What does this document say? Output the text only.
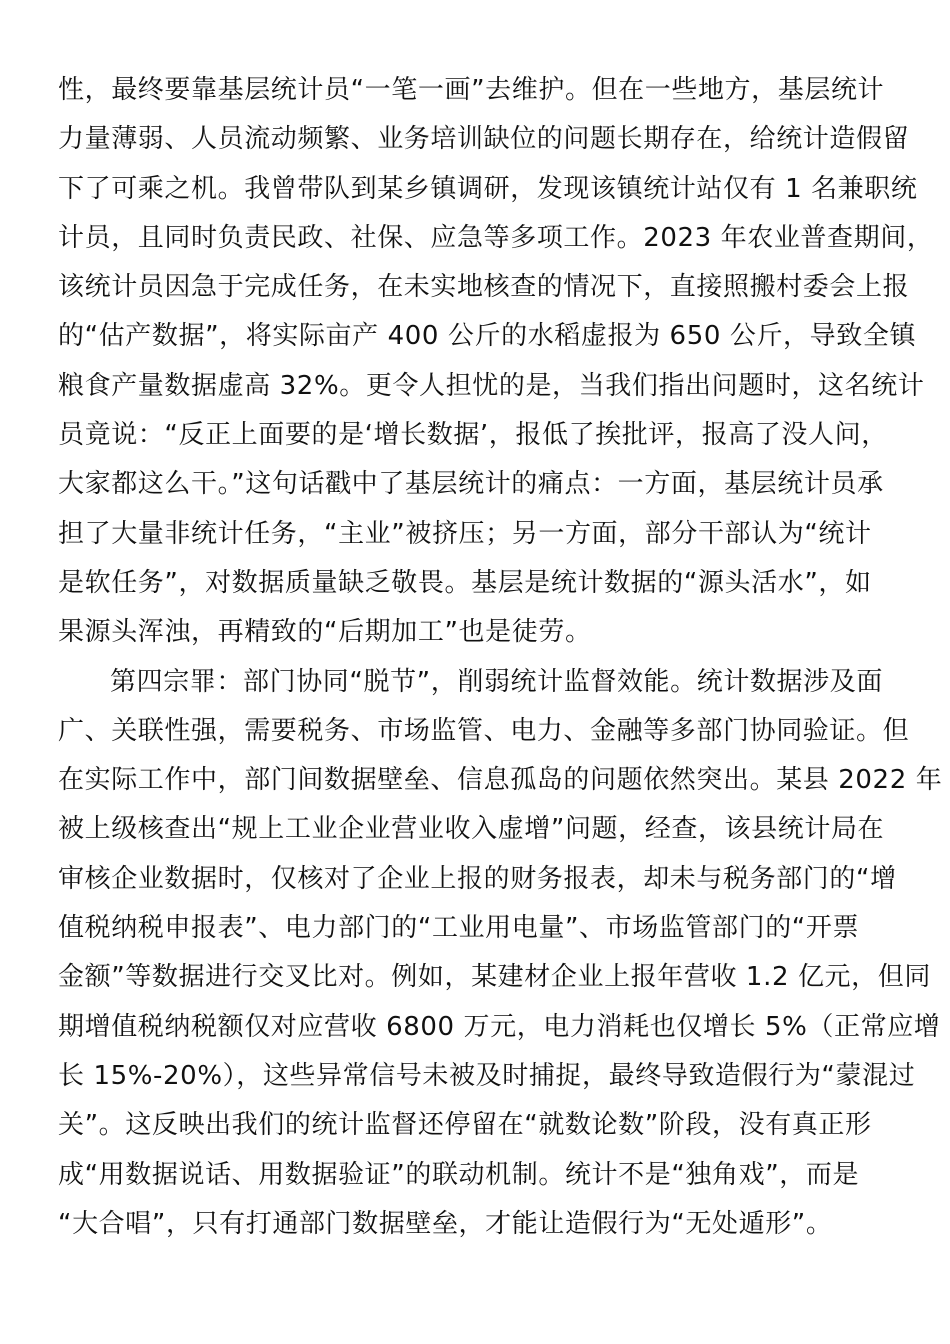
性，最终要靠基层统计员“一笔一画”去维护。但在一些地方，基层统计
力量薄弱、人员流动频繁、业务培训缺位的问题长期存在，给统计造假留
下了可乘之机。我曾带队到某乡镇调研，发现该镇统计站仅有 1 名兼职统
计员，且同时负责民政、社保、应急等多项工作。2023 年农业普查期间，
该统计员因急于完成任务，在未实地核查的情况下，直接照搬村委会上报
的“估产数据”，将实际亩产 400 公斤的水稻虚报为 650 公斤，导致全镇
粮食产量数据虚高 32%。更令人担忧的是，当我们指出问题时，这名统计
员竟说：“反正上面要的是‘增长数据’，报低了挨批评，报高了没人问，
大家都这么干。”这句话戳中了基层统计的痛点：一方面，基层统计员承
担了大量非统计任务，“主业”被挤压；另一方面，部分干部认为“统计
是软任务”，对数据质量缺乏敬畏。基层是统计数据的“源头活水”，如
果源头浑浊，再精致的“后期加工”也是徒劳。
第四宗罪：部门协同“脱节”，削弱统计监督效能。统计数据涉及面
广、关联性强，需要税务、市场监管、电力、金融等多部门协同验证。但
在实际工作中，部门间数据壁垒、信息孤岛的问题依然突出。某县 2022 年
被上级核查出“规上工业企业营业收入虚增”问题，经查，该县统计局在
审核企业数据时，仅核对了企业上报的财务报表，却未与税务部门的“增
值税纳税申报表”、电力部门的“工业用电量”、市场监管部门的“开票
金额”等数据进行交叉比对。例如，某建材企业上报年营收 1.2 亿元，但同
期增值税纳税额仅对应营收 6800 万元，电力消耗也仅增长 5%（正常应增
长 15%-20%），这些异常信号未被及时捕捉，最终导致造假行为“蒙混过
关”。这反映出我们的统计监督还停留在“就数论数”阶段，没有真正形
成“用数据说话、用数据验证”的联动机制。统计不是“独角戏”，而是
“大合唱”，只有打通部门数据壁垒，才能让造假行为“无处遁形”。
